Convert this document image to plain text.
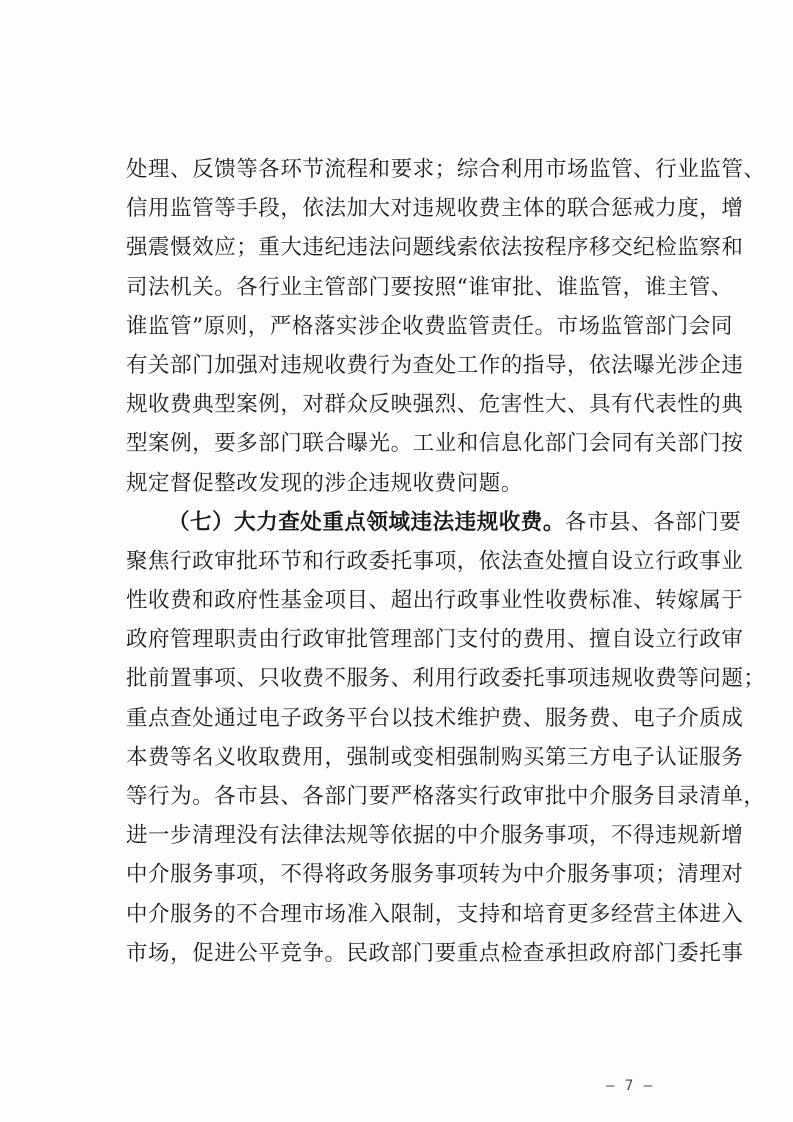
处理、反馈等各环节流程和要求；综合利用市场监管、行业监管、
信用监管等手段，依法加大对违规收费主体的联合惩戒力度，增
强震慑效应；重大违纪违法问题线索依法按程序移交纪检监察和
司法机关。各行业主管部门要按照“谁审批、谁监管，谁主管、
谁监管”原则，严格落实涉企收费监管责任。市场监管部门会同
有关部门加强对违规收费行为查处工作的指导，依法曝光涉企违
规收费典型案例，对群众反映强烈、危害性大、具有代表性的典
型案例，要多部门联合曝光。工业和信息化部门会同有关部门按
规定督促整改发现的涉企违规收费问题。
（七）大力查处重点领域违法违规收费。各市县、各部门要
聚焦行政审批环节和行政委托事项，依法查处擅自设立行政事业
性收费和政府性基金项目、超出行政事业性收费标准、转嫁属于
政府管理职责由行政审批管理部门支付的费用、擅自设立行政审
批前置事项、只收费不服务、利用行政委托事项违规收费等问题；
重点查处通过电子政务平台以技术维护费、服务费、电子介质成
本费等名义收取费用，强制或变相强制购买第三方电子认证服务
等行为。各市县、各部门要严格落实行政审批中介服务目录清单，
进一步清理没有法律法规等依据的中介服务事项，不得违规新增
中介服务事项，不得将政务服务事项转为中介服务事项；清理对
中介服务的不合理市场准入限制，支持和培育更多经营主体进入
市场，促进公平竞争。民政部门要重点检查承担政府部门委托事
— 7 —
